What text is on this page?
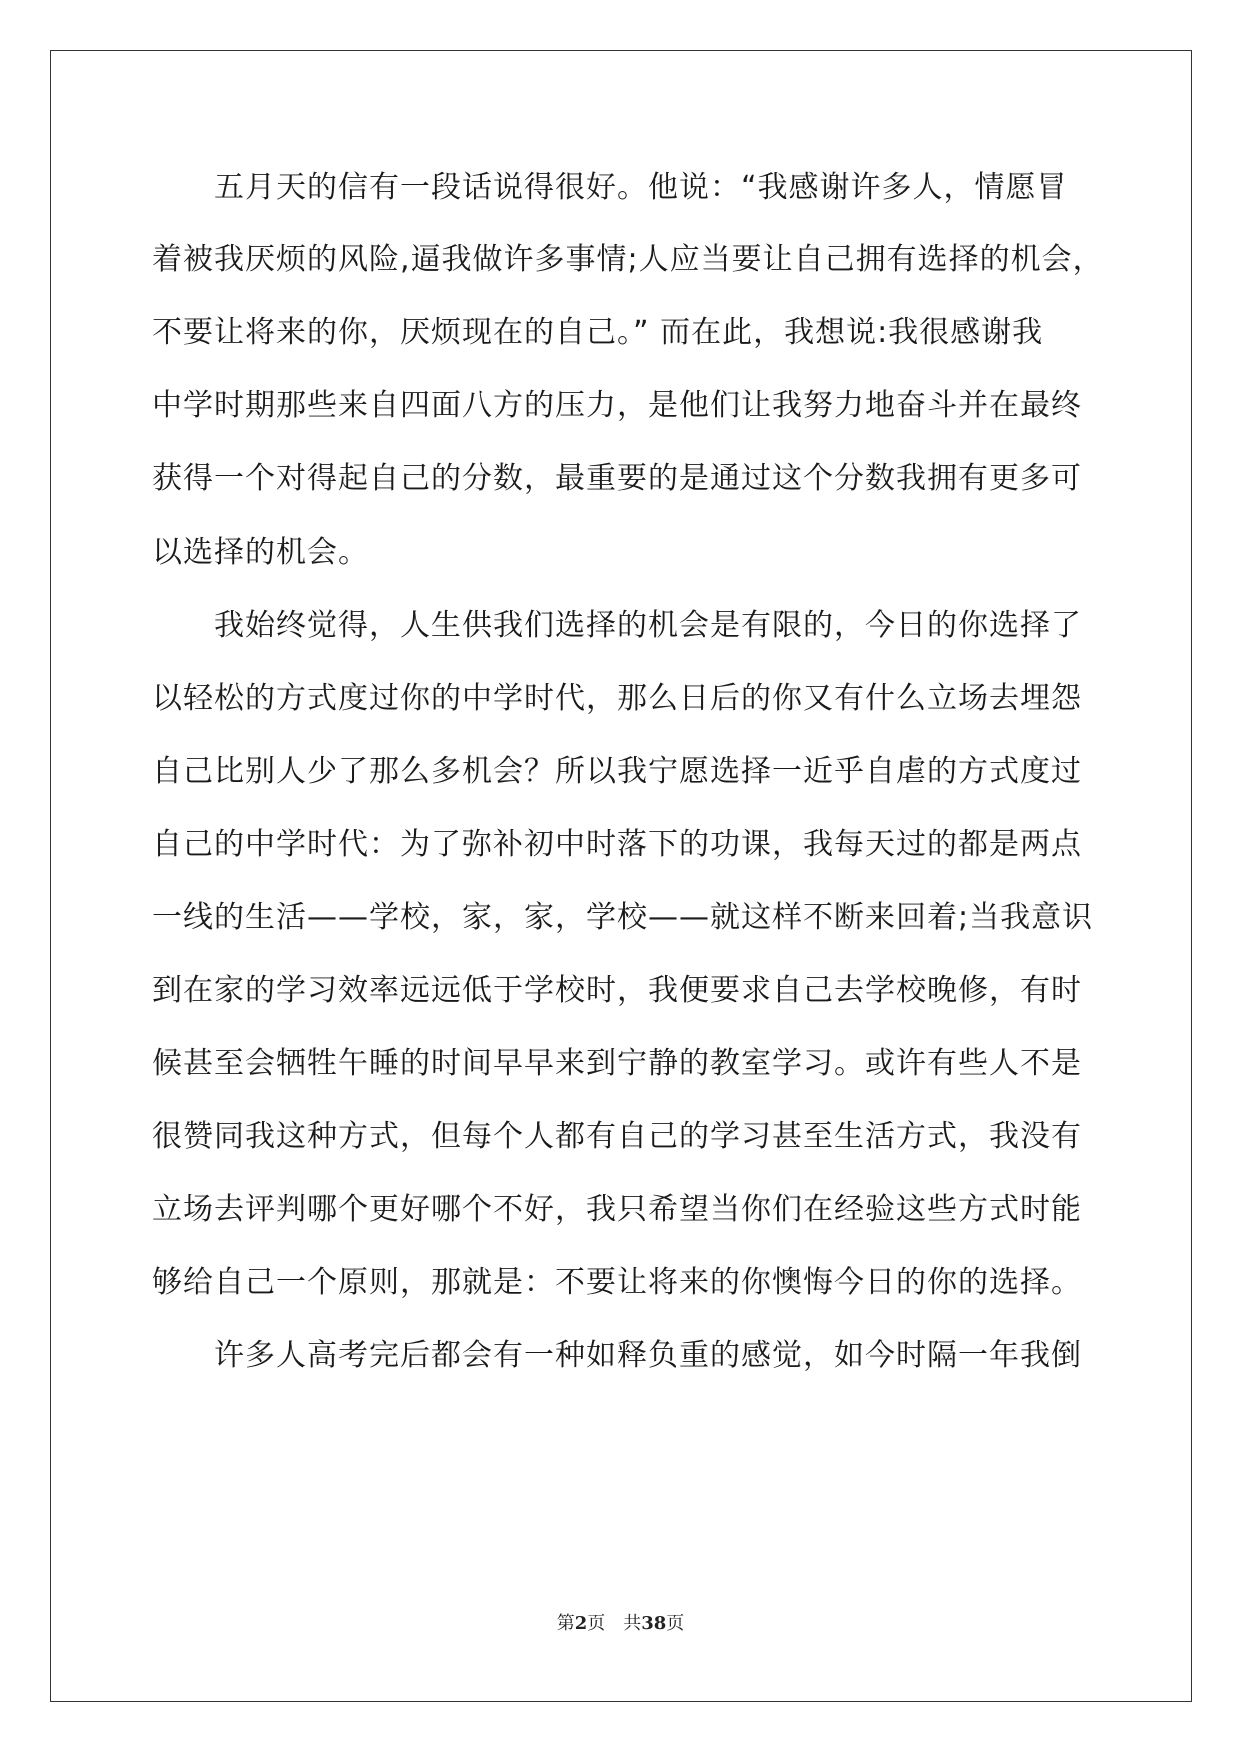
　　五月天的信有一段话说得很好。他说：“我感谢许多人，情愿冒
着被我厌烦的风险,逼我做许多事情;人应当要让自己拥有选择的机会，
不要让将来的你，厌烦现在的自己。” 而在此，我想说:我很感谢我
中学时期那些来自四面八方的压力，是他们让我努力地奋斗并在最终
获得一个对得起自己的分数，最重要的是通过这个分数我拥有更多可
以选择的机会。
　　我始终觉得，人生供我们选择的机会是有限的，今日的你选择了
以轻松的方式度过你的中学时代，那么日后的你又有什么立场去埋怨
自己比别人少了那么多机会？所以我宁愿选择一近乎自虐的方式度过
自己的中学时代：为了弥补初中时落下的功课，我每天过的都是两点
一线的生活——学校，家，家，学校——就这样不断来回着;当我意识
到在家的学习效率远远低于学校时，我便要求自己去学校晚修，有时
候甚至会牺牲午睡的时间早早来到宁静的教室学习。或许有些人不是
很赞同我这种方式，但每个人都有自己的学习甚至生活方式，我没有
立场去评判哪个更好哪个不好，我只希望当你们在经验这些方式时能
够给自己一个原则，那就是：不要让将来的你懊悔今日的你的选择。
　　许多人高考完后都会有一种如释负重的感觉，如今时隔一年我倒
第2页　共38页
